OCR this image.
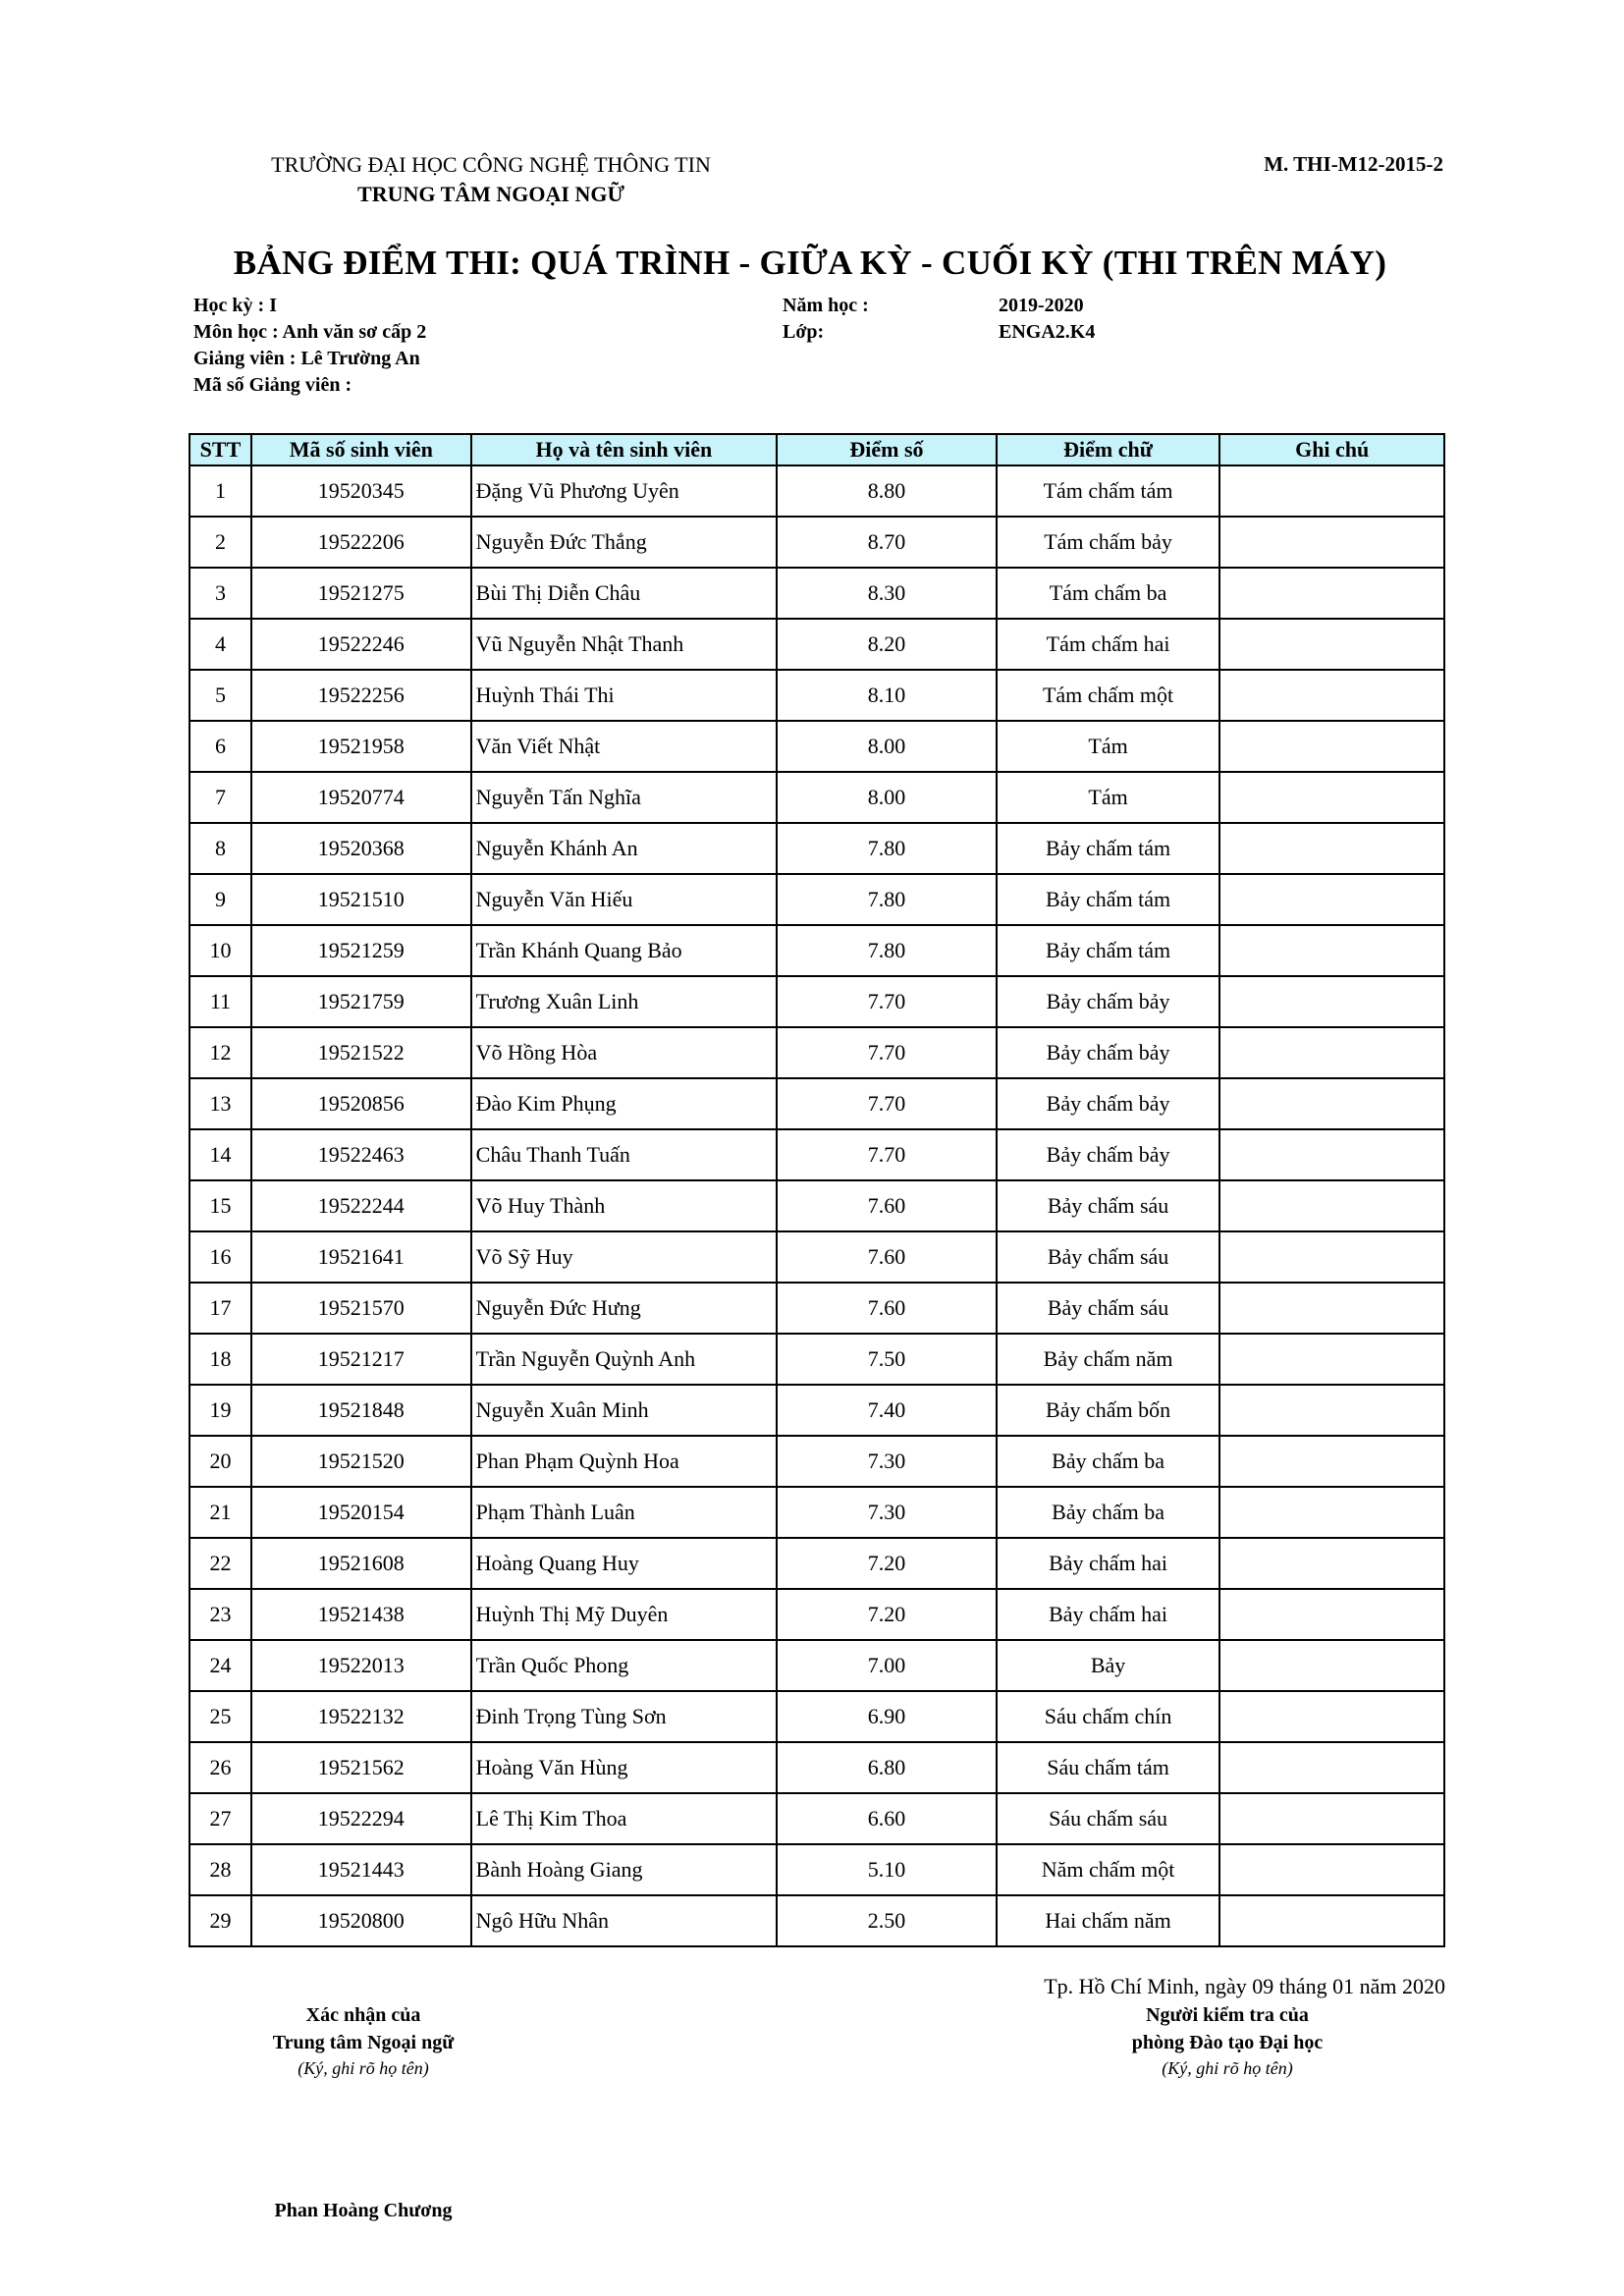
TRƯỜNG ĐẠI HỌC CÔNG NGHỆ THÔNG TIN
TRUNG TÂM NGOẠI NGỮ
M. THI-M12-2015-2
BẢNG ĐIỂM THI: QUÁ TRÌNH - GIỮA KỲ - CUỐI KỲ (THI TRÊN MÁY)
Học kỳ : I
Môn học : Anh văn sơ cấp 2
Giảng viên : Lê Trường An
Mã số Giảng viên :
Năm học :	2019-2020
Lớp:	ENGA2.K4
STT	Mã số sinh viên	Họ và tên sinh viên	Điểm số	Điểm chữ	Ghi chú
1	19520345	Đặng Vũ Phương Uyên	8.80	Tám chấm tám	
2	19522206	Nguyễn Đức Thắng	8.70	Tám chấm bảy	
3	19521275	Bùi Thị Diễn Châu	8.30	Tám chấm ba	
4	19522246	Vũ Nguyễn Nhật Thanh	8.20	Tám chấm hai	
5	19522256	Huỳnh Thái Thi	8.10	Tám chấm một	
6	19521958	Văn Viết Nhật	8.00	Tám	
7	19520774	Nguyễn Tấn Nghĩa	8.00	Tám	
8	19520368	Nguyễn Khánh An	7.80	Bảy chấm tám	
9	19521510	Nguyễn Văn Hiếu	7.80	Bảy chấm tám	
10	19521259	Trần Khánh Quang Bảo	7.80	Bảy chấm tám	
11	19521759	Trương Xuân Linh	7.70	Bảy chấm bảy	
12	19521522	Võ Hồng Hòa	7.70	Bảy chấm bảy	
13	19520856	Đào Kim Phụng	7.70	Bảy chấm bảy	
14	19522463	Châu Thanh Tuấn	7.70	Bảy chấm bảy	
15	19522244	Võ Huy Thành	7.60	Bảy chấm sáu	
16	19521641	Võ Sỹ Huy	7.60	Bảy chấm sáu	
17	19521570	Nguyễn Đức Hưng	7.60	Bảy chấm sáu	
18	19521217	Trần Nguyễn Quỳnh Anh	7.50	Bảy chấm năm	
19	19521848	Nguyễn Xuân Minh	7.40	Bảy chấm bốn	
20	19521520	Phan Phạm Quỳnh Hoa	7.30	Bảy chấm ba	
21	19520154	Phạm Thành Luân	7.30	Bảy chấm ba	
22	19521608	Hoàng Quang Huy	7.20	Bảy chấm hai	
23	19521438	Huỳnh Thị Mỹ Duyên	7.20	Bảy chấm hai	
24	19522013	Trần Quốc Phong	7.00	Bảy	
25	19522132	Đinh Trọng Tùng Sơn	6.90	Sáu chấm chín	
26	19521562	Hoàng Văn Hùng	6.80	Sáu chấm tám	
27	19522294	Lê Thị Kim Thoa	6.60	Sáu chấm sáu	
28	19521443	Bành Hoàng Giang	5.10	Năm chấm một	
29	19520800	Ngô Hữu Nhân	2.50	Hai chấm năm	
Tp. Hồ Chí Minh, ngày 09 tháng 01 năm 2020
Xác nhận của
Trung tâm Ngoại ngữ
(Ký, ghi rõ họ tên)
Người kiểm tra của
phòng Đào tạo Đại học
(Ký, ghi rõ họ tên)
Phan Hoàng Chương
